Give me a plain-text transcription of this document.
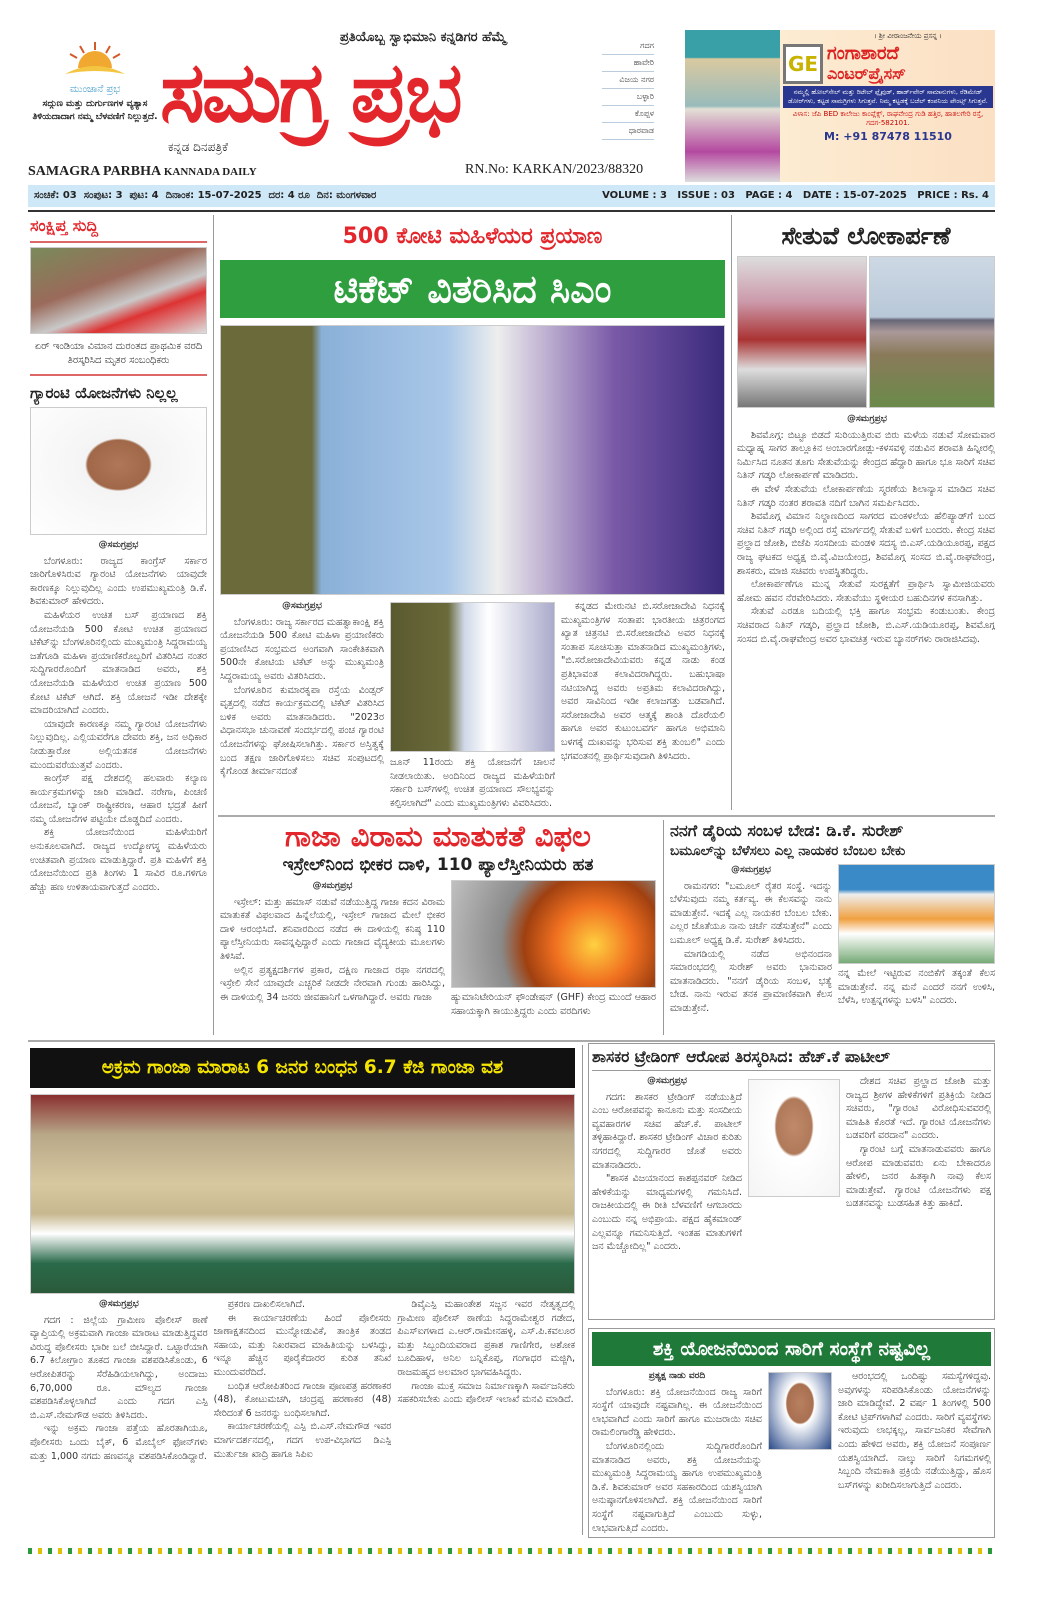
ಮುಂಜಾನೆ ಪ್ರಭ
ಸದ್ಗುಣ ಮತ್ತು ದುರ್ಗುಣಗಳ ವ್ಯತ್ಯಾಸ ತಿಳಿಯದಾದಾಗ ನಮ್ಮ ಬೆಳವಣಿಗೆ ನಿಲ್ಲುತ್ತದೆ.
ಪ್ರತಿಯೊಬ್ಬ ಸ್ವಾಭಿಮಾನಿ ಕನ್ನಡಿಗರ ಹೆಮ್ಮೆ
ಸಮಗ್ರ ಪ್ರಭ
ಕನ್ನಡ ದಿನಪತ್ರಿಕೆ
ಗದಗ
ಹಾವೇರಿ
ವಿಜಯ ನಗರ
ಬಳ್ಳಾರಿ
ಕೊಪ್ಪಳ
ಧಾರವಾಡ
SAMAGRA PARBHA KANNADA DAILY	RN.No: KARKAN/2023/88320
। ಶ್ರೀ ವೀರಾಂಜನೇಯ ಪ್ರಸನ್ನ ।
GE ಗಂಗಾಶಾರದೆ
ಎಂಟರ್‌ಪ್ರೈಸಸ್
ನಮ್ಮಲ್ಲಿ ಹೋಲ್‌ಸೇಲ್ ಮತ್ತು ರಿಟೇಲ್ ಫ್ಲೈವುಡ್, ಹಾರ್ಡ್‌ವೇರ್ ಸಾಮಾನುಗಳು, ರೆಡಿಮೇಡ್ ಡೋರ್‌ಗಳು, ಕಟ್ಟಡ ಸಾಮಗ್ರಿಗಳು ಸಿಗುತ್ತವೆ. ನಿಮ್ಮ ಕಟ್ಟಡಕ್ಕೆ ಬಜೆಲ್ ಕಂಪನಿಯ ಪೇಂಟ್ಸ್ ಸಿಗುತ್ತವೆ.
ವಿಳಾಸ: ಜೆಪಿ BED ಕಾಲೇಜು ಕಾಂಪ್ಲೆಕ್ಸ್, ರಾಘವೇಂದ್ರ ಗುಡಿ ಹತ್ತಿರ, ಹಾತಲಗೇರಿ ರಸ್ತೆ, ಗದಗ-582101.
M: +91 87478 11510
ಸಂಚಿಕೆ: 03  ಸಂಪುಟ: 3  ಪುಟ: 4  ದಿನಾಂಕ: 15-07-2025  ದರ: 4 ರೂ  ದಿನ: ಮಂಗಳವಾರ	VOLUME : 3   ISSUE : 03   PAGE : 4   DATE : 15-07-2025   PRICE : Rs. 4
ಸಂಕ್ಷಿಪ್ತ ಸುದ್ದಿ
ಏರ್ ಇಂಡಿಯಾ ವಿಮಾನ ದುರಂತದ ಪ್ರಾಥಮಿಕ ವರದಿ ತಿರಸ್ಕರಿಸಿದ ಮೃತರ ಸಂಬಂಧಿಕರು
ಗ್ಯಾರಂಟಿ ಯೋಜನೆಗಳು ನಿಲ್ಲಲ್ಲ
@ಸಮಗ್ರಪ್ರಭ

ಬೆಂಗಳೂರು: ರಾಜ್ಯದ ಕಾಂಗ್ರೆಸ್ ಸರ್ಕಾರ ಜಾರಿಗೊಳಿಸಿರುವ ಗ್ಯಾರಂಟಿ ಯೋಜನೆಗಳು ಯಾವುದೇ ಕಾರಣಕ್ಕೂ ನಿಲ್ಲುವುದಿಲ್ಲ ಎಂದು ಉಪಮುಖ್ಯಮಂತ್ರಿ ಡಿ.ಕೆ. ಶಿವಕುಮಾರ್ ಹೇಳಿದರು.

ಮಹಿಳೆಯರ ಉಚಿತ ಬಸ್ ಪ್ರಯಾಣದ ಶಕ್ತಿ ಯೋಜನೆಯಡಿ 500 ಕೋಟಿ ಉಚಿತ ಪ್ರಯಾಣದ ಟಿಕೆಟ್‌ನ್ನು ಬೆಂಗಳೂರಿನಲ್ಲಿಂದು ಮುಖ್ಯಮಂತ್ರಿ ಸಿದ್ದರಾಮಯ್ಯ ಜತೆಗೂಡಿ ಮಹಿಳಾ ಪ್ರಯಾಣಿಕರೊಬ್ಬರಿಗೆ ವಿತರಿಸಿದ ನಂತರ ಸುದ್ದಿಗಾರರೊಂದಿಗೆ ಮಾತನಾಡಿದ ಅವರು, ಶಕ್ತಿ ಯೋಜನೆಯಡಿ ಮಹಿಳೆಯರ ಉಚಿತ ಪ್ರಯಾಣ 500 ಕೋಟಿ ಟಿಕೆಟ್ ಆಗಿದೆ. ಶಕ್ತಿ ಯೋಜನೆ ಇಡೀ ದೇಶಕ್ಕೇ ಮಾದರಿಯಾಗಿದೆ ಎಂದರು.

ಯಾವುದೇ ಕಾರಣಕ್ಕೂ ನಮ್ಮ ಗ್ಯಾರಂಟಿ ಯೋಜನೆಗಳು ನಿಲ್ಲುವುದಿಲ್ಲ. ಎಲ್ಲಿಯವರೆಗೂ ದೇವರು ಶಕ್ತಿ, ಜನ ಅಧಿಕಾರ ನೀಡುತ್ತಾರೋ ಅಲ್ಲಿಯತನಕ ಯೋಜನೆಗಳು ಮುಂದುವರೆಯುತ್ತವೆ ಎಂದರು.

ಕಾಂಗ್ರೆಸ್ ಪಕ್ಷ ದೇಶದಲ್ಲಿ ಹಲವಾರು ಕಲ್ಯಾಣ ಕಾರ್ಯಕ್ರಮಗಳನ್ನು ಜಾರಿ ಮಾಡಿದೆ. ನರೇಗಾ, ಪಿಂಚಣಿ ಯೋಜನೆ, ಬ್ಯಾಂಕ್ ರಾಷ್ಟ್ರೀಕರಣ, ಆಹಾರ ಭದ್ರತೆ ಹೀಗೆ ನಮ್ಮ ಯೋಜನೆಗಳ ಪಟ್ಟಿಯೇ ದೊಡ್ಡದಿದೆ ಎಂದರು.

ಶಕ್ತಿ ಯೋಜನೆಯಿಂದ ಮಹಿಳೆಯರಿಗೆ ಅನುಕೂಲವಾಗಿದೆ. ರಾಜ್ಯದ ಉದ್ಯೋಗಸ್ಥ ಮಹಿಳೆಯರು ಉಚಿತವಾಗಿ ಪ್ರಯಾಣ ಮಾಡುತ್ತಿದ್ದಾರೆ. ಪ್ರತಿ ಮಹಿಳೆಗೆ ಶಕ್ತಿ ಯೋಜನೆಯಿಂದ ಪ್ರತಿ ತಿಂಗಳು 1 ಸಾವಿರ ರೂ.ಗಳಿಗೂ ಹೆಚ್ಚು ಹಣ ಉಳಿತಾಯವಾಗುತ್ತದೆ ಎಂದರು.

500 ಕೋಟಿ ಮಹಿಳೆಯರ ಪ್ರಯಾಣ
ಟಿಕೆಟ್ ವಿತರಿಸಿದ ಸಿಎಂ
@ಸಮಗ್ರಪ್ರಭ

ಬೆಂಗಳೂರು: ರಾಜ್ಯ ಸರ್ಕಾರದ ಮಹತ್ವಾಕಾಂಕ್ಷಿ ಶಕ್ತಿ ಯೋಜನೆಯಡಿ 500 ಕೋಟಿ ಮಹಿಳಾ ಪ್ರಯಾಣಿಕರು ಪ್ರಯಾಣಿಸಿದ ಸಂಭ್ರಮದ ಅಂಗವಾಗಿ ಸಾಂಕೇತಿಕವಾಗಿ 500ನೇ ಕೋಟಿಯ ಟಿಕೆಟ್ ಅನ್ನು ಮುಖ್ಯಮಂತ್ರಿ ಸಿದ್ದರಾಮಯ್ಯ ಅವರು ವಿತರಿಸಿದರು.

ಬೆಂಗಳೂರಿನ ಕುಮಾರಕೃಪಾ ರಸ್ತೆಯ ವಿಂಡ್ಸರ್ ವೃತ್ತದಲ್ಲಿ ನಡೆದ ಕಾರ್ಯಕ್ರಮದಲ್ಲಿ ಟಿಕೆಟ್ ವಿತರಿಸಿದ ಬಳಿಕ ಅವರು ಮಾತನಾಡಿದರು. "2023ರ ವಿಧಾನಸಭಾ ಚುನಾವಣೆ ಸಂದರ್ಭದಲ್ಲಿ ಪಂಚ ಗ್ಯಾರಂಟಿ ಯೋಜನೆಗಳನ್ನು ಘೋಷಿಸಲಾಗಿತ್ತು. ಸರ್ಕಾರ ಅಸ್ತಿತ್ವಕ್ಕೆ ಬಂದ ತಕ್ಷಣ ಜಾರಿಗೊಳಿಸಲು ಸಚಿವ ಸಂಪುಟದಲ್ಲಿ ಕೈಗೊಂಡ ತೀರ್ಮಾನದಂತೆ

ಜೂನ್ 11ರಂದು ಶಕ್ತಿ ಯೋಜನೆಗೆ ಚಾಲನೆ ನೀಡಲಾಯಿತು. ಅಂದಿನಿಂದ ರಾಜ್ಯದ ಮಹಿಳೆಯರಿಗೆ ಸರ್ಕಾರಿ ಬಸ್‌ಗಳಲ್ಲಿ ಉಚಿತ ಪ್ರಯಾಣದ ಸೌಲಭ್ಯವನ್ನು ಕಲ್ಪಿಸಲಾಗಿದೆ" ಎಂದು ಮುಖ್ಯಮಂತ್ರಿಗಳು ವಿವರಿಸಿದರು.

ಕನ್ನಡದ ಮೇರುನಟಿ ಬಿ.ಸರೋಜಾದೇವಿ ನಿಧನಕ್ಕೆ ಮುಖ್ಯಮಂತ್ರಿಗಳ ಸಂತಾಪ: ಭಾರತೀಯ ಚಿತ್ರರಂಗದ ಖ್ಯಾತ ಚಿತ್ರನಟಿ ಬಿ.ಸರೋಜಾದೇವಿ ಅವರ ನಿಧನಕ್ಕೆ ಸಂತಾಪ ಸೂಚಿಸುತ್ತಾ ಮಾತನಾಡಿದ ಮುಖ್ಯಮಂತ್ರಿಗಳು, "ಬಿ.ಸರೋಜಾದೇವಿಯವರು ಕನ್ನಡ ನಾಡು ಕಂಡ ಪ್ರತಿಭಾವಂತ ಕಲಾವಿದರಾಗಿದ್ದರು. ಬಹುಭಾಷಾ ನಟಿಯಾಗಿದ್ದ ಅವರು ಅಪ್ರತಿಮ ಕಲಾವಿದರಾಗಿದ್ದು, ಅವರ ಸಾವಿನಿಂದ ಇಡೀ ಕಲಾಜಗತ್ತು ಬಡವಾಗಿದೆ. ಸರೋಜಾದೇವಿ ಅವರ ಆತ್ಮಕ್ಕೆ ಶಾಂತಿ ದೊರೆಯಲಿ ಹಾಗೂ ಅವರ ಕುಟುಂಬವರ್ಗ ಹಾಗೂ ಅಭಿಮಾನಿ ಬಳಗಕ್ಕೆ ದುಃಖವನ್ನು ಭರಿಸುವ ಶಕ್ತಿ ತುಂಬಲಿ" ಎಂದು ಭಗವಂತನಲ್ಲಿ ಪ್ರಾರ್ಥಿಸುವುದಾಗಿ ತಿಳಿಸಿದರು.

ಸೇತುವೆ ಲೋಕಾರ್ಪಣೆ
@ಸಮಗ್ರಪ್ರಭ

ಶಿವಮೊಗ್ಗ: ಬಿಟ್ಟೂ ಬಿಡದೆ ಸುರಿಯುತ್ತಿರುವ ಬಿರು ಮಳೆಯ ನಡುವೆ ಸೋಮವಾರ ಮಧ್ಯಾಹ್ನ ಸಾಗರ ತಾಲ್ಲೂಕಿನ ಅಂಬಾರಗೋಡ್ಲು-ಕಳಸವಳ್ಳಿ ನಡುವಿನ ಶರಾವತಿ ಹಿನ್ನೀರಲ್ಲಿ ನಿರ್ಮಿಸಿದ ನೂತನ ತೂಗು ಸೇತುವೆಯನ್ನು ಕೇಂದ್ರದ ಹೆದ್ದಾರಿ ಹಾಗೂ ಭೂ ಸಾರಿಗೆ ಸಚಿವ ನಿತಿನ್ ಗಡ್ಕರಿ ಲೋಕಾರ್ಪಣೆ ಮಾಡಿದರು.

ಈ ವೇಳೆ ಸೇತುವೆಯ ಲೋಕಾರ್ಪಣೆಯ ಸ್ಮರಣೆಯ ಶಿಲಾನ್ಯಾಸ ಮಾಡಿದ ಸಚಿವ ನಿತಿನ್ ಗಡ್ಕರಿ ನಂತರ ಶರಾವತಿ ನದಿಗೆ ಬಾಗಿನ ಸಮರ್ಪಿಸಿದರು.

ಶಿವಮೊಗ್ಗ ವಿಮಾನ ನಿಲ್ದಾಣದಿಂದ ಸಾಗರದ ಮಂಕಳಲೆಯ ಹೆಲಿಪ್ಯಾಡ್‌ಗೆ ಬಂದ ಸಚಿವ ನಿತಿನ್ ಗಡ್ಕರಿ ಅಲ್ಲಿಂದ ರಸ್ತೆ ಮಾರ್ಗದಲ್ಲಿ ಸೇತುವೆ ಬಳಿಗೆ ಬಂದರು. ಕೇಂದ್ರ ಸಚಿವ ಪ್ರಲ್ಹಾದ ಜೋಶಿ, ಬಿಜೆಪಿ ಸಂಸದೀಯ ಮಂಡಳಿ ಸದಸ್ಯ ಬಿ.ಎಸ್.ಯಡಿಯೂರಪ್ಪ, ಪಕ್ಷದ ರಾಜ್ಯ ಘಟಕದ ಅಧ್ಯಕ್ಷ ಬಿ.ವೈ.ವಿಜಯೇಂದ್ರ, ಶಿವಮೊಗ್ಗ ಸಂಸದ ಬಿ.ವೈ.ರಾಘವೇಂದ್ರ, ಶಾಸಕರು, ಮಾಜಿ ಸಚಿವರು ಉಪಸ್ಥಿತರಿದ್ದರು.

ಲೋಕಾರ್ಪಣೆಗೂ ಮುನ್ನ ಸೇತುವೆ ಸುರಕ್ಷತೆಗೆ ಪ್ರಾರ್ಥಿಸಿ ಸ್ವಾಮೀಜಿಯವರು ಹೋಮ ಹವನ ನೆರವೇರಿಸಿದರು. ಸೇತುವೆಯು ಸ್ಥಳೀಯರ ಬಹುದಿನಗಳ ಕನಸಾಗಿತ್ತು.

ಸೇತುವೆ ಎರಡೂ ಬದಿಯಲ್ಲಿ ಭಕ್ತಿ ಹಾಗೂ ಸಂಭ್ರಮ ಕಂಡುಬಂತು. ಕೇಂದ್ರ ಸಚಿವರಾದ ನಿತಿನ್ ಗಡ್ಕರಿ, ಪ್ರಲ್ಹಾದ ಜೋಶಿ, ಬಿ.ಎಸ್.ಯಡಿಯೂರಪ್ಪ, ಶಿವಮೊಗ್ಗ ಸಂಸದ ಬಿ.ವೈ.ರಾಘವೇಂದ್ರ ಅವರ ಭಾವಚಿತ್ರ ಇರುವ ಬ್ಯಾನರ್‌ಗಳು ರಾರಾಜಿಸಿದವು.

ಗಾಜಾ ವಿರಾಮ ಮಾತುಕತೆ ವಿಫಲ
ಇಸ್ರೇಲ್‌ನಿಂದ ಭೀಕರ ದಾಳಿ, 110 ಪ್ಯಾಲೆಸ್ತೀನಿಯರು ಹತ
@ಸಮಗ್ರಪ್ರಭ

ಇಸ್ರೇಲ್: ಮತ್ತು ಹಮಾಸ್ ನಡುವೆ ನಡೆಯುತ್ತಿದ್ದ ಗಾಜಾ ಕದನ ವಿರಾಮ ಮಾತುಕತೆ ವಿಫಲವಾದ ಹಿನ್ನೆಲೆಯಲ್ಲಿ, ಇಸ್ರೇಲ್ ಗಾಜಾದ ಮೇಲೆ ಭೀಕರ ದಾಳಿ ಆರಂಭಿಸಿದೆ. ಶನಿವಾರದಿಂದ ನಡೆದ ಈ ದಾಳಿಯಲ್ಲಿ ಕನಿಷ್ಠ 110 ಪ್ಯಾಲೆಸ್ತೀನಿಯರು ಸಾವನ್ನಪ್ಪಿದ್ದಾರೆ ಎಂದು ಗಾಜಾದ ವೈದ್ಯಕೀಯ ಮೂಲಗಳು ತಿಳಿಸಿವೆ.

ಅಲ್ಲಿನ ಪ್ರತ್ಯಕ್ಷದರ್ಶಿಗಳ ಪ್ರಕಾರ, ದಕ್ಷಿಣ ಗಾಜಾದ ರಫಾ ನಗರದಲ್ಲಿ ಇಸ್ರೇಲಿ ಸೇನೆ ಯಾವುದೇ ಎಚ್ಚರಿಕೆ ನೀಡದೇ ನೇರವಾಗಿ ಗುಂಡು ಹಾರಿಸಿದ್ದು, ಈ ದಾಳಿಯಲ್ಲಿ 34 ಜನರು ಜೀವಹಾನಿಗೆ ಒಳಗಾಗಿದ್ದಾರೆ. ಅವರು ಗಾಜಾ	ಹ್ಯುಮಾನಿಟೇರಿಯನ್ ಫೌಂಡೇಷನ್ (GHF) ಕೇಂದ್ರ ಮುಂದೆ ಆಹಾರ ಸಹಾಯಕ್ಕಾಗಿ ಕಾಯುತ್ತಿದ್ದರು ಎಂದು ವರದಿಗಳು
ನನಗೆ ಡೈರಿಯ ಸಂಬಳ ಬೇಡ: ಡಿ.ಕೆ. ಸುರೇಶ್
ಬಮೂಲ್‌ನ್ನು ಬೆಳೆಸಲು ಎಲ್ಲ ನಾಯಕರ ಬೆಂಬಲ ಬೇಕು
@ಸಮಗ್ರಪ್ರಭ

ರಾಮನಗರ: "ಬಮೂಲ್ ರೈತರ ಸಂಸ್ಥೆ. ಇದನ್ನು ಬೆಳೆಸುವುದು ನಮ್ಮ ಕರ್ತವ್ಯ. ಈ ಕೆಲಸವನ್ನು ನಾನು ಮಾಡುತ್ತೇನೆ. ಇದಕ್ಕೆ ಎಲ್ಲ ನಾಯಕರ ಬೆಂಬಲ ಬೇಕು. ಎಲ್ಲರ ಜೊತೆಯೂ ನಾನು ಚರ್ಚೆ ನಡೆಸುತ್ತೇನೆ" ಎಂದು ಬಮೂಲ್ ಅಧ್ಯಕ್ಷ ಡಿ.ಕೆ. ಸುರೇಶ್ ತಿಳಿಸಿದರು.

ಮಾಗಡಿಯಲ್ಲಿ ನಡೆದ ಅಭಿನಂದನಾ ಸಮಾರಂಭದಲ್ಲಿ ಸುರೇಶ್ ಅವರು ಭಾನುವಾರ ಮಾತನಾಡಿದರು. "ನನಗೆ ಡೈರಿಯ ಸಂಬಳ, ಭತ್ಯೆ ಬೇಡ. ನಾನು ಇರುವ ತನಕ ಪ್ರಾಮಾಣಿಕವಾಗಿ ಕೆಲಸ ಮಾಡುತ್ತೇನೆ.

ನನ್ನ ಮೇಲೆ ಇಟ್ಟಿರುವ ನಂಬಿಕೆಗೆ ತಕ್ಕಂತೆ ಕೆಲಸ ಮಾಡುತ್ತೇನೆ. ನನ್ನ ಮನೆ ಎಂದರೆ ನನಗೆ ಉಳಿಸಿ, ಬೆಳೆಸಿ, ಉತ್ಪನ್ನಗಳನ್ನು ಬಳಸಿ" ಎಂದರು.
ಅಕ್ರಮ ಗಾಂಜಾ ಮಾರಾಟ 6 ಜನರ ಬಂಧನ 6.7 ಕೆಜಿ ಗಾಂಜಾ ವಶ
@ಸಮಗ್ರಪ್ರಭ

ಗದಗ : ಜಿಲ್ಲೆಯ ಗ್ರಾಮೀಣ ಪೊಲೀಸ್ ಠಾಣೆ ವ್ಯಾಪ್ತಿಯಲ್ಲಿ ಅಕ್ರಮವಾಗಿ ಗಾಂಜಾ ಮಾರಾಟ ಮಾಡುತ್ತಿದ್ದವರ ವಿರುದ್ಧ ಪೊಲೀಸರು ಭಾರೀ ಬಲೆ ಬೀಸಿದ್ದಾರೆ. ಒಟ್ಟಾರೆಯಾಗಿ 6.7 ಕಿಲೋಗ್ರಾಂ ತೂಕದ ಗಾಂಜಾ ವಶಪಡಿಸಿಕೊಂಡು, 6 ಆರೋಪಿತರನ್ನು ಸೆರೆಹಿಡಿಯಲಾಗಿದ್ದು, ಅಂದಾಜು 6,70,000 ರೂ. ಮೌಲ್ಯದ ಗಾಂಜಾ ವಶಪಡಿಸಿಕೊಳ್ಳಲಾಗಿದೆ ಎಂದು ಗದಗ ಎಸ್ಪಿ ಬಿ.ಎಸ್.ನೇಮಗೌಡ ಅವರು ತಿಳಿಸಿದರು.

ಇನ್ನು ಅಕ್ರಮ ಗಾಂಜಾ ಪತ್ತೆಯ ಹೊರತಾಗಿಯೂ, ಪೊಲೀಸರು ಒಂದು ಬೈಕ್, 6 ಮೊಬೈಲ್ ಫೋನ್‌ಗಳು ಮತ್ತು 1,000 ನಗದು ಹಣವನ್ನೂ ವಶಪಡಿಸಿಕೊಂಡಿದ್ದಾರೆ.

ಪ್ರಕರಣ ದಾಖಲಿಸಲಾಗಿದೆ.

ಈ ಕಾರ್ಯಾಚರಣೆಯ ಹಿಂದೆ ಪೊಲೀಸರು ಜಾಣಾಕ್ಷತನದಿಂದ ಮುನ್ನೋಡುವಿಕೆ, ತಾಂತ್ರಿಕ ತಂಡದ ಸಹಾಯ, ಮತ್ತು ನಿಖರವಾದ ಮಾಹಿತಿಯನ್ನು ಬಳಸಿದ್ದು, ಇನ್ನೂ ಹೆಚ್ಚಿನ ಪೂರೈಕೆದಾರರ ಕುರಿತ ತನಿಖೆ ಮುಂದುವರೆದಿದೆ.

ಬಂಧಿತ ಆರೋಪಿತರಿಂದ ಗಾಂಜಾ ಪೂಣಪತ್ರ ಹರಣಾಕರ (48), ಕೋಟುಮಚಗಿ, ಚಂದ್ರಪ್ಪ ಹರಣಾಕರ (48) ಸೇರಿದಂತೆ 6 ಜನರನ್ನು ಬಂಧಿಸಲಾಗಿದೆ.

ಕಾರ್ಯಾಚರಣೆಯಲ್ಲಿ ಎಸ್ಪಿ ಬಿ.ಎಸ್.ನೇಮಗೌಡ ಇವರ ಮಾರ್ಗದರ್ಶನದಲ್ಲಿ, ಗದಗ ಉಪ-ವಿಭಾಗದ ಡಿಎಸ್ಪಿ ಮುರ್ತುಜಾ ಖಾದ್ರಿ ಹಾಗೂ ಸಿಪಿಐ

ಡಿವೈಎಸ್ಪಿ ಮಹಾಂತೇಶ ಸಜ್ಜನ ಇವರ ನೇತೃತ್ವದಲ್ಲಿ ಗ್ರಾಮೀಣ ಪೊಲೀಸ್ ಠಾಣೆಯ ಸಿದ್ದರಾಮೇಶ್ವರ ಗಡೇದ, ಪಿಎಸ್‌ಐಗಳಾದ ಎ.ಆರ್.ರಾಮೇನಹಳ್ಳಿ, ಎಸ್.ಪಿ.ಕವಲೂರ ಮತ್ತು ಸಿಬ್ಬಂದಿಯವರಾದ ಪ್ರಕಾಶ ಗಾಣಿಗೇರ, ಅಶೋಕ ಬೂದಿಹಾಳ, ಅನಿಲ ಬನ್ನಿಕೊಪ್ಪ, ಗಂಗಾಧರ ಮಜ್ಜಿಗಿ, ರಾಜಮಹ್ಮದ ಅಲಮಾರ ಭಾಗವಹಿಸಿದ್ದರು.

ಗಾಂಜಾ ಮುಕ್ತ ಸಮಾಜ ನಿರ್ಮಾಣಕ್ಕಾಗಿ ಸಾರ್ವಜನಿಕರು ಸಹಕರಿಸಬೇಕು ಎಂದು ಪೊಲೀಸ್ ಇಲಾಖೆ ಮನವಿ ಮಾಡಿದೆ.

ಶಾಸಕರ ಟ್ರೇಡಿಂಗ್ ಆರೋಪ ತಿರಸ್ಕರಿಸಿದ: ಹೆಚ್.ಕೆ ಪಾಟೀಲ್
@ಸಮಗ್ರಪ್ರಭ

ಗದಗ: ಶಾಸಕರ ಟ್ರೇಡಿಂಗ್ ನಡೆಯುತ್ತಿದೆ ಎಂಬ ಆರೋಪವನ್ನು ಕಾನೂನು ಮತ್ತು ಸಂಸದೀಯ ವ್ಯವಹಾರಗಳ ಸಚಿವ ಹೆಚ್.ಕೆ. ಪಾಟೀಲ್ ತಳ್ಳಿಹಾಕಿದ್ದಾರೆ. ಶಾಸಕರ ಟ್ರೇಡಿಂಗ್ ವಿಚಾರ ಕುರಿತು ನಗರದಲ್ಲಿ ಸುದ್ದಿಗಾರರ ಜೊತೆ ಅವರು ಮಾತನಾಡಿದರು.

"ಶಾಸಕ ವಿಜಯಾನಂದ ಕಾಶಪ್ಪನವರ್ ನೀಡಿದ ಹೇಳಿಕೆಯನ್ನು ಮಾಧ್ಯಮಗಳಲ್ಲಿ ಗಮನಿಸಿದೆ. ರಾಜಕೀಯದಲ್ಲಿ ಈ ರೀತಿ ಬೆಳವಣಿಗೆ ಆಗಬಾರದು ಎಂಬುದು ನನ್ನ ಅಭಿಪ್ರಾಯ. ಪಕ್ಷದ ಹೈಕಮಾಂಡ್ ಎಲ್ಲವನ್ನೂ ಗಮನಿಸುತ್ತಿದೆ. ಇಂತಹ ಮಾತುಗಳಿಗೆ ಜನ ಮೆಚ್ಚೋದಿಲ್ಲ" ಎಂದರು.

ದೇಶದ ಸಚಿವ ಪ್ರಲ್ಹಾದ ಜೋಶಿ ಮತ್ತು ರಾಜ್ಯದ ಶ್ರೀಗಳ ಹೇಳಿಕೆಗಳಿಗೆ ಪ್ರತಿಕ್ರಿಯೆ ನೀಡಿದ ಸಚಿವರು, "ಗ್ಯಾರಂಟಿ ವಿರೋಧಿಸುವವರಲ್ಲಿ ಮಾಹಿತಿ ಕೊರತೆ ಇದೆ. ಗ್ಯಾರಂಟಿ ಯೋಜನೆಗಳು ಬಡವರಿಗೆ ವರದಾನ" ಎಂದರು.

ಗ್ಯಾರಂಟಿ ಬಗ್ಗೆ ಮಾತನಾಡುವವರು ಹಾಗೂ ಆರೋಪ ಮಾಡುವವರು ಏನು ಬೇಕಾದರೂ ಹೇಳಲಿ, ಜನರ ಹಿತಕ್ಕಾಗಿ ನಾವು ಕೆಲಸ ಮಾಡುತ್ತೇವೆ. ಗ್ಯಾರಂಟಿ ಯೋಜನೆಗಳು ಪಕ್ಷ ಬಡತನವನ್ನು ಬುಡಸಹಿತ ಕಿತ್ತು ಹಾಕಿದೆ.

ಶಕ್ತಿ ಯೋಜನೆಯಿಂದ ಸಾರಿಗೆ ಸಂಸ್ಥೆಗೆ ನಷ್ಟವಿಲ್ಲ
ಪ್ರತ್ಯಕ್ಷ ನಾಡು ವರದಿ

ಬೆಂಗಳೂರು: ಶಕ್ತಿ ಯೋಜನೆಯಿಂದ ರಾಜ್ಯ ಸಾರಿಗೆ ಸಂಸ್ಥೆಗೆ ಯಾವುದೇ ನಷ್ಟವಾಗಿಲ್ಲ. ಈ ಯೋಜನೆಯಿಂದ ಲಾಭವಾಗಿದೆ ಎಂದು ಸಾರಿಗೆ ಹಾಗೂ ಮುಜರಾಯಿ ಸಚಿವ ರಾಮಲಿಂಗಾರೆಡ್ಡಿ ಹೇಳಿದರು.

ಬೆಂಗಳೂರಿನಲ್ಲಿಂದು ಸುದ್ದಿಗಾರರೊಂದಿಗೆ ಮಾತನಾಡಿದ ಅವರು, ಶಕ್ತಿ ಯೋಜನೆಯನ್ನು ಮುಖ್ಯಮಂತ್ರಿ ಸಿದ್ದರಾಮಯ್ಯ ಹಾಗೂ ಉಪಮುಖ್ಯಮಂತ್ರಿ ಡಿ.ಕೆ. ಶಿವಕುಮಾರ್ ಅವರ ಸಹಕಾರದಿಂದ ಯಶಸ್ವಿಯಾಗಿ ಅನುಷ್ಠಾನಗೊಳಿಸಲಾಗಿದೆ. ಶಕ್ತಿ ಯೋಜನೆಯಿಂದ ಸಾರಿಗೆ ಸಂಸ್ಥೆಗೆ ನಷ್ಟವಾಗುತ್ತಿದೆ ಎಂಬುದು ಸುಳ್ಳು, ಲಾಭವಾಗುತ್ತಿದೆ ಎಂದರು.

ಆರಂಭದಲ್ಲಿ ಒಂದಿಷ್ಟು ಸಮಸ್ಯೆಗಳಿದ್ದವು. ಅವುಗಳನ್ನು ಸರಿಪಡಿಸಿಕೊಂಡು ಯೋಜನೆಗಳನ್ನು ಜಾರಿ ಮಾಡಿದ್ದೇವೆ. 2 ವರ್ಷ 1 ತಿಂಗಳಲ್ಲಿ 500 ಕೋಟಿ ಟ್ರಿಪ್‌ಗಳಾಗಿವೆ ಎಂದರು. ಸಾರಿಗೆ ವ್ಯವಸ್ಥೆಗಳು ಇರುವುದು ಲಾಭಕ್ಕಲ್ಲ, ಸಾರ್ವಜನಿಕರ ಸೇವೆಗಾಗಿ ಎಂದು ಹೇಳಿದ ಅವರು, ಶಕ್ತಿ ಯೋಜನೆ ಸಂಪೂರ್ಣ ಯಶಸ್ವಿಯಾಗಿದೆ. ನಾಲ್ಕು ಸಾರಿಗೆ ನಿಗಮಗಳಲ್ಲಿ ಸಿಬ್ಬಂದಿ ನೇಮಕಾತಿ ಪ್ರಕ್ರಿಯೆ ನಡೆಯುತ್ತಿದ್ದು, ಹೊಸ ಬಸ್‌ಗಳನ್ನು ಖರೀದಿಸಲಾಗುತ್ತಿದೆ ಎಂದರು.
